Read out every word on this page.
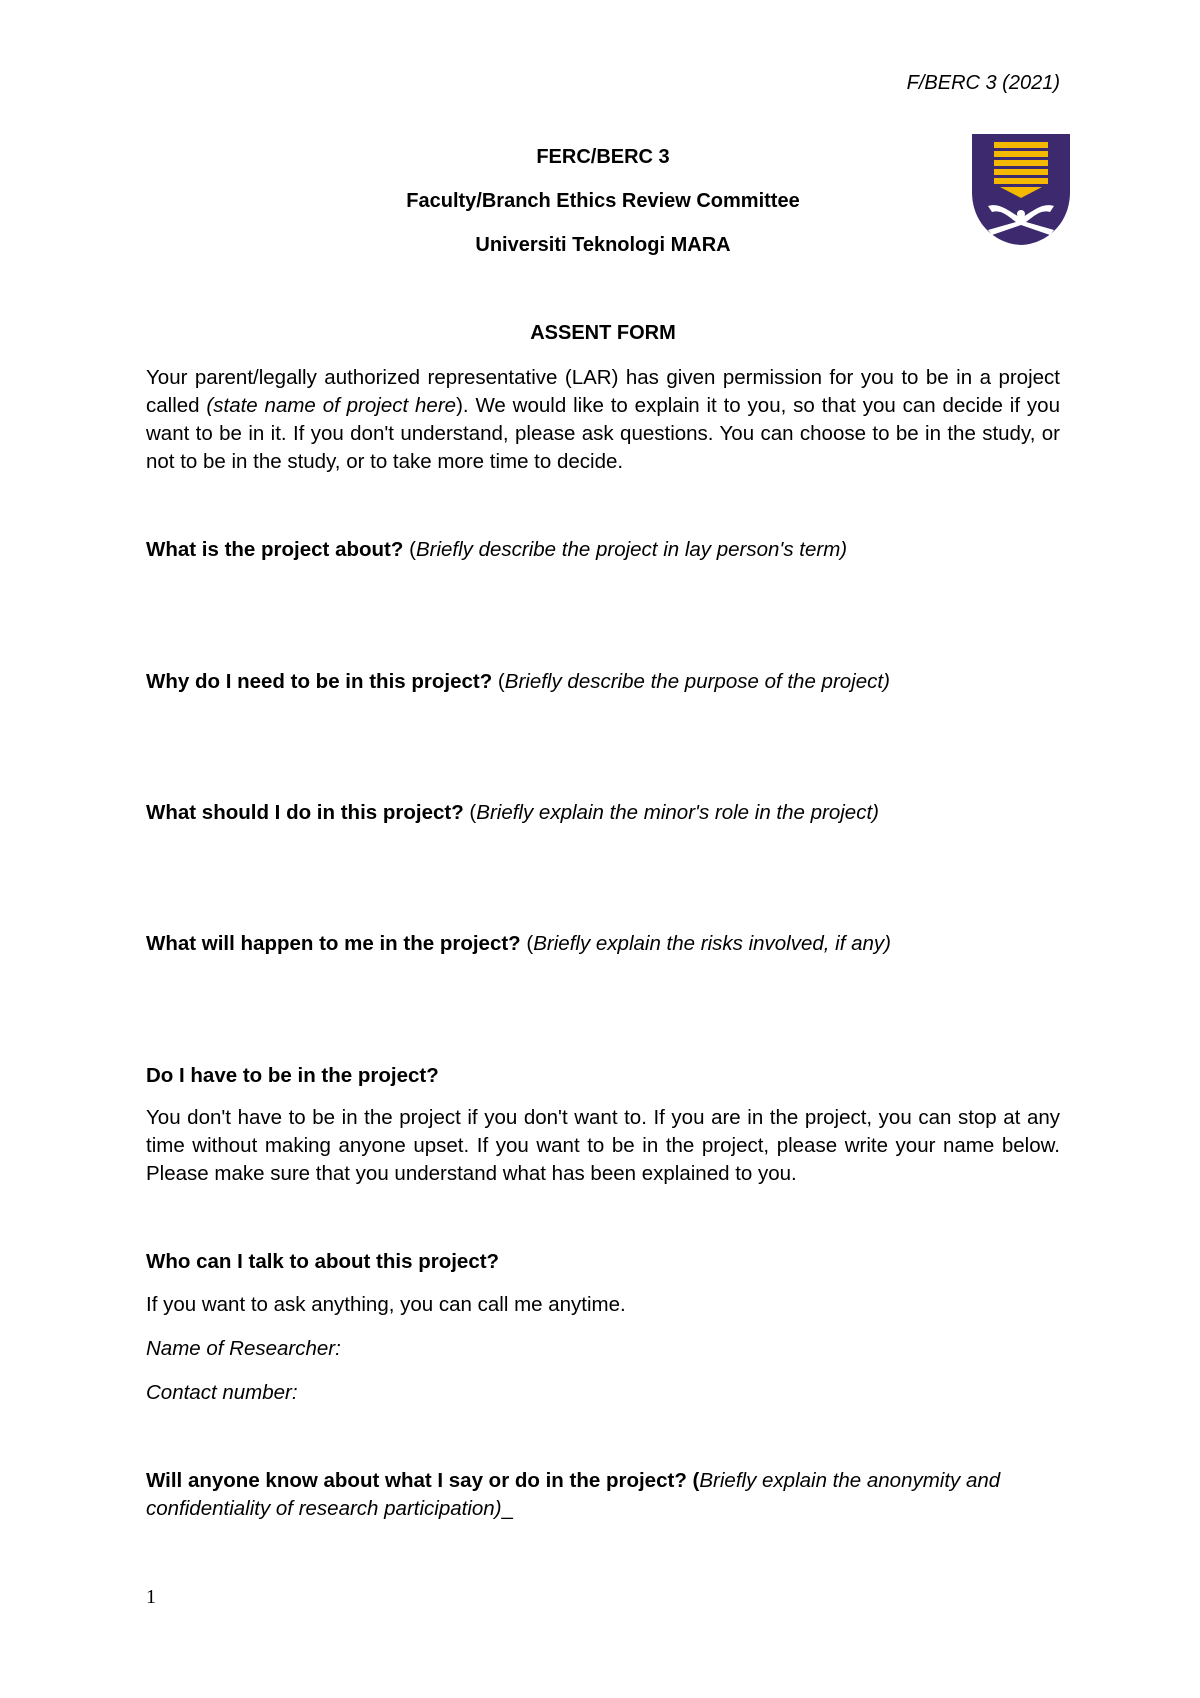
F/BERC 3 (2021)
FERC/BERC 3
Faculty/Branch Ethics Review Committee
Universiti Teknologi MARA
ASSENT FORM
Your parent/legally authorized representative (LAR) has given permission for you to be in a project called (state name of project here). We would like to explain it to you, so that you can decide if you want to be in it. If you don't understand, please ask questions. You can choose to be in the study, or not to be in the study, or to take more time to decide.
What is the project about? (Briefly describe the project in lay person's term)
Why do I need to be in this project? (Briefly describe the purpose of the project)
What should I do in this project? (Briefly explain the minor's role in the project)
What will happen to me in the project? (Briefly explain the risks involved, if any)
Do I have to be in the project?
You don't have to be in the project if you don't want to. If you are in the project, you can stop at any time without making anyone upset. If you want to be in the project, please write your name below. Please make sure that you understand what has been explained to you.
Who can I talk to about this project?
If you want to ask anything, you can call me anytime.
Name of Researcher:
Contact number:
Will anyone know about what I say or do in the project? (Briefly explain the anonymity and confidentiality of research participation)_
1
